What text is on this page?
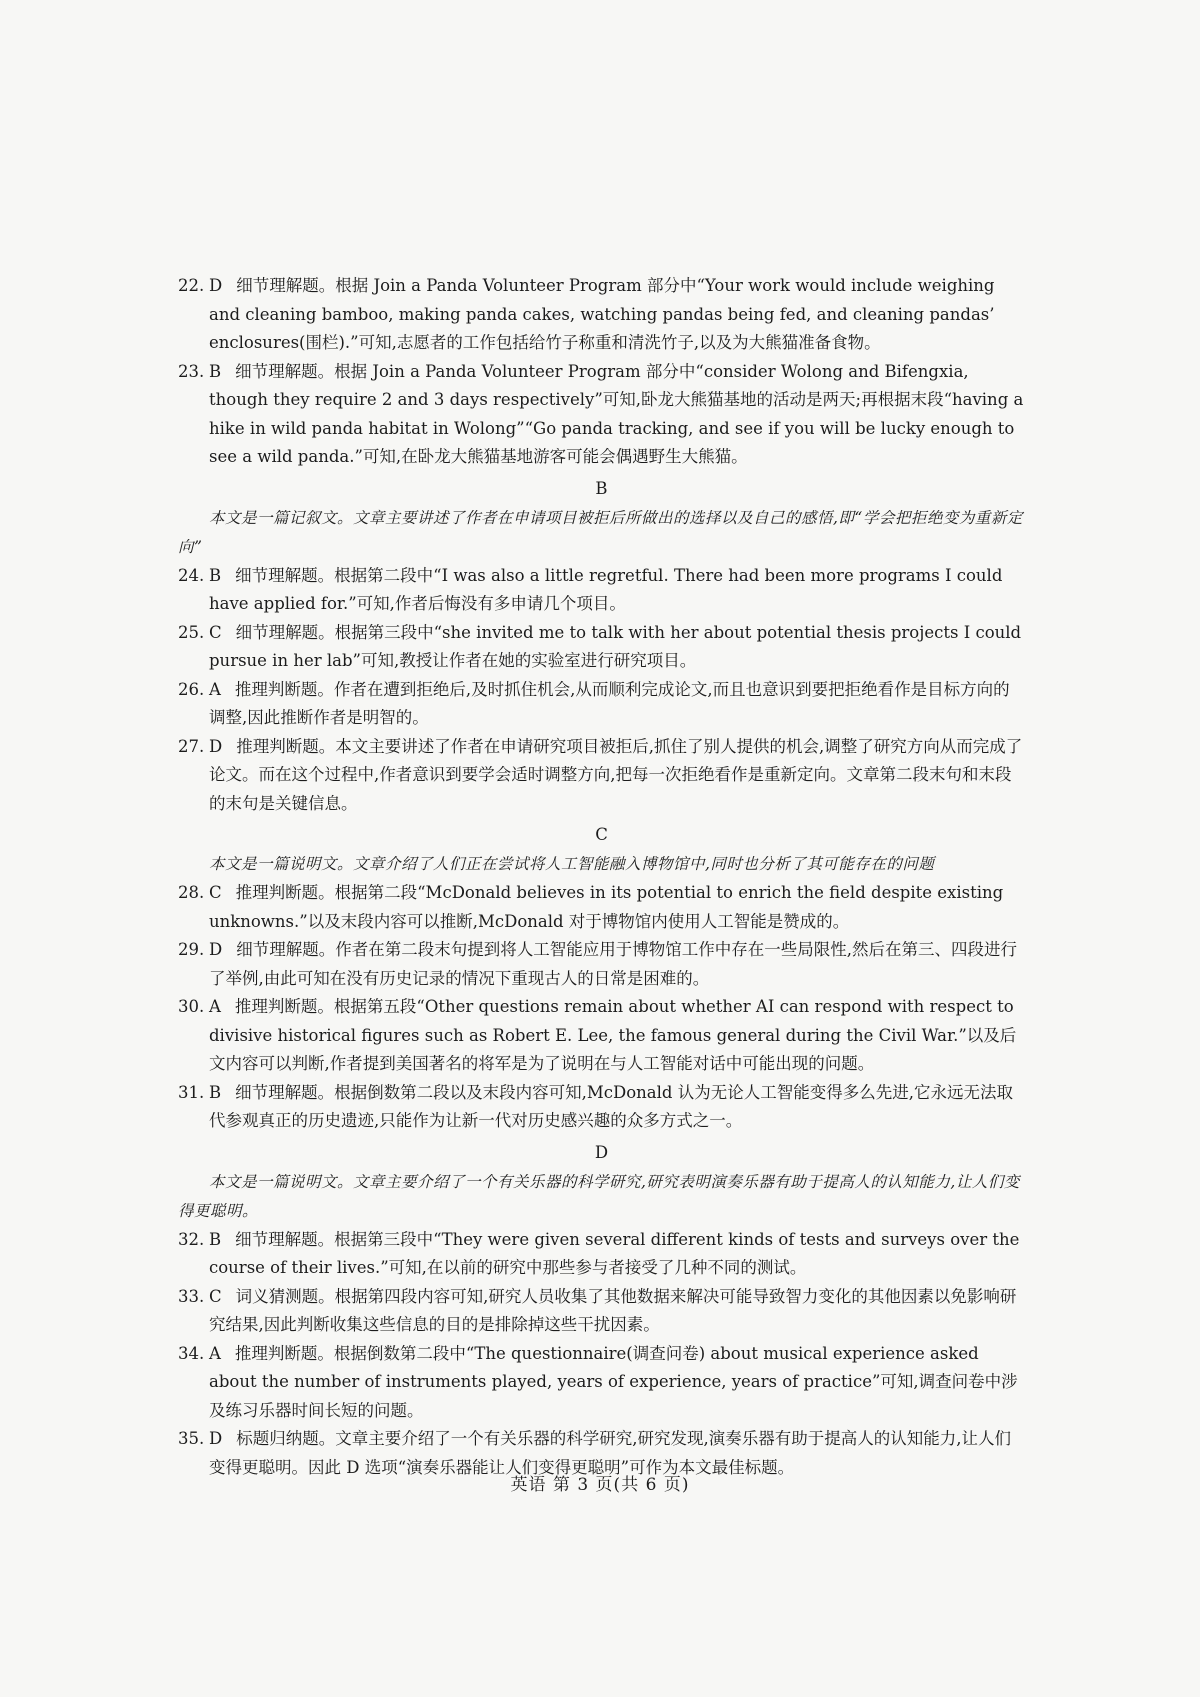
22. D 细节理解题。根据 Join a Panda Volunteer Program 部分中“Your work would include weighing and cleaning bamboo, making panda cakes, watching pandas being fed, and cleaning pandas’ enclosures(围栏).”可知,志愿者的工作包括给竹子称重和清洗竹子,以及为大熊猫准备食物。

23. B 细节理解题。根据 Join a Panda Volunteer Program 部分中“consider Wolong and Bifengxia, though they require 2 and 3 days respectively”可知,卧龙大熊猫基地的活动是两天;再根据末段“having a hike in wild panda habitat in Wolong”“Go panda tracking, and see if you will be lucky enough to see a wild panda.”可知,在卧龙大熊猫基地游客可能会偶遇野生大熊猫。

B

本文是一篇记叙文。文章主要讲述了作者在申请项目被拒后所做出的选择以及自己的感悟,即“学会把拒绝变为重新定向”

24. B 细节理解题。根据第二段中“I was also a little regretful. There had been more programs I could have applied for.”可知,作者后悔没有多申请几个项目。

25. C 细节理解题。根据第三段中“she invited me to talk with her about potential thesis projects I could pursue in her lab”可知,教授让作者在她的实验室进行研究项目。

26. A 推理判断题。作者在遭到拒绝后,及时抓住机会,从而顺利完成论文,而且也意识到要把拒绝看作是目标方向的调整,因此推断作者是明智的。

27. D 推理判断题。本文主要讲述了作者在申请研究项目被拒后,抓住了别人提供的机会,调整了研究方向从而完成了论文。而在这个过程中,作者意识到要学会适时调整方向,把每一次拒绝看作是重新定向。文章第二段末句和末段的末句是关键信息。

C

本文是一篇说明文。文章介绍了人们正在尝试将人工智能融入博物馆中,同时也分析了其可能存在的问题

28. C 推理判断题。根据第二段“McDonald believes in its potential to enrich the field despite existing unknowns.”以及末段内容可以推断,McDonald 对于博物馆内使用人工智能是赞成的。

29. D 细节理解题。作者在第二段末句提到将人工智能应用于博物馆工作中存在一些局限性,然后在第三、四段进行了举例,由此可知在没有历史记录的情况下重现古人的日常是困难的。

30. A 推理判断题。根据第五段“Other questions remain about whether AI can respond with respect to divisive historical figures such as Robert E. Lee, the famous general during the Civil War.”以及后文内容可以判断,作者提到美国著名的将军是为了说明在与人工智能对话中可能出现的问题。

31. B 细节理解题。根据倒数第二段以及末段内容可知,McDonald 认为无论人工智能变得多么先进,它永远无法取代参观真正的历史遗迹,只能作为让新一代对历史感兴趣的众多方式之一。

D

本文是一篇说明文。文章主要介绍了一个有关乐器的科学研究,研究表明演奏乐器有助于提高人的认知能力,让人们变得更聪明。

32. B 细节理解题。根据第三段中“They were given several different kinds of tests and surveys over the course of their lives.”可知,在以前的研究中那些参与者接受了几种不同的测试。

33. C 词义猜测题。根据第四段内容可知,研究人员收集了其他数据来解决可能导致智力变化的其他因素以免影响研究结果,因此判断收集这些信息的目的是排除掉这些干扰因素。

34. A 推理判断题。根据倒数第二段中“The questionnaire(调查问卷) about musical experience asked about the number of instruments played, years of experience, years of practice”可知,调查问卷中涉及练习乐器时间长短的问题。

35. D 标题归纳题。文章主要介绍了一个有关乐器的科学研究,研究发现,演奏乐器有助于提高人的认知能力,让人们变得更聪明。因此 D 选项“演奏乐器能让人们变得更聪明”可作为本文最佳标题。

英语 第 3 页(共 6 页)
